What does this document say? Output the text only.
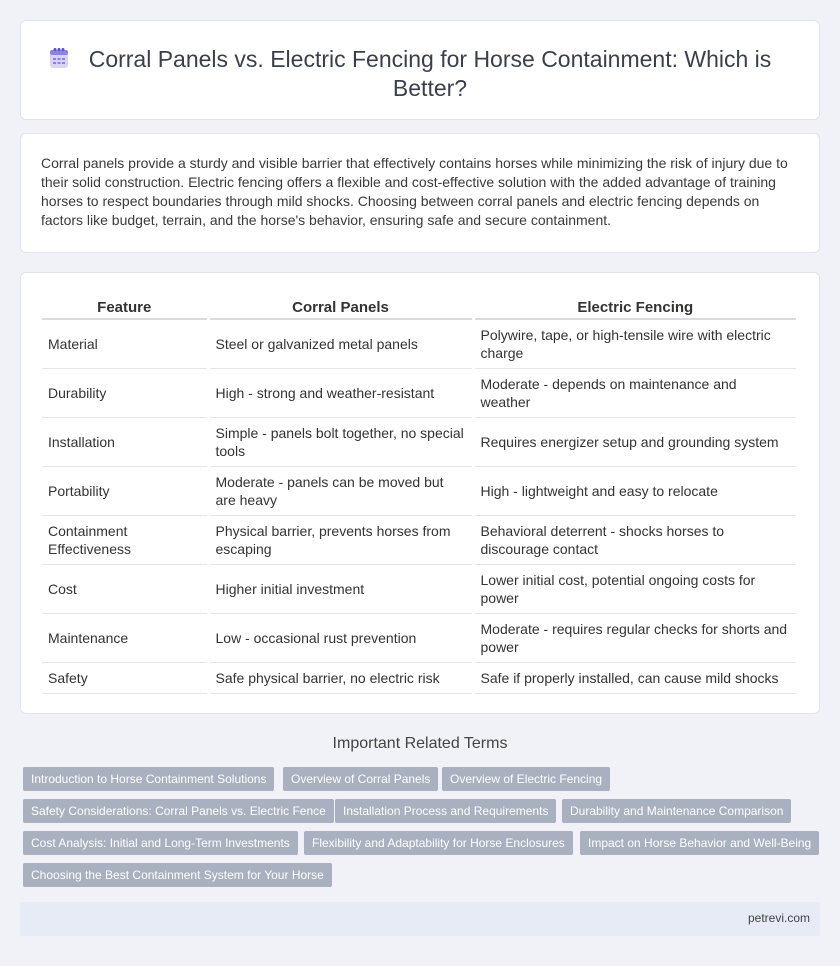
Corral Panels vs. Electric Fencing for Horse Containment: Which is Better?

Corral panels provide a sturdy and visible barrier that effectively contains horses while minimizing the risk of injury due to their solid construction. Electric fencing offers a flexible and cost-effective solution with the added advantage of training horses to respect boundaries through mild shocks. Choosing between corral panels and electric fencing depends on factors like budget, terrain, and the horse's behavior, ensuring safe and secure containment.

Feature	Corral Panels	Electric Fencing
Material	Steel or galvanized metal panels	Polywire, tape, or high-tensile wire with electric charge
Durability	High - strong and weather-resistant	Moderate - depends on maintenance and weather
Installation	Simple - panels bolt together, no special tools	Requires energizer setup and grounding system
Portability	Moderate - panels can be moved but are heavy	High - lightweight and easy to relocate
Containment Effectiveness	Physical barrier, prevents horses from escaping	Behavioral deterrent - shocks horses to discourage contact
Cost	Higher initial investment	Lower initial cost, potential ongoing costs for power
Maintenance	Low - occasional rust prevention	Moderate - requires regular checks for shorts and power
Safety	Safe physical barrier, no electric risk	Safe if properly installed, can cause mild shocks
Important Related Terms
Introduction to Horse Containment Solutions	Overview of Corral Panels	Overview of Electric Fencing
Safety Considerations: Corral Panels vs. Electric Fence	Installation Process and Requirements	Durability and Maintenance Comparison
Cost Analysis: Initial and Long-Term Investments	Flexibility and Adaptability for Horse Enclosures	Impact on Horse Behavior and Well-Being
Choosing the Best Containment System for Your Horse
petrevi.com
